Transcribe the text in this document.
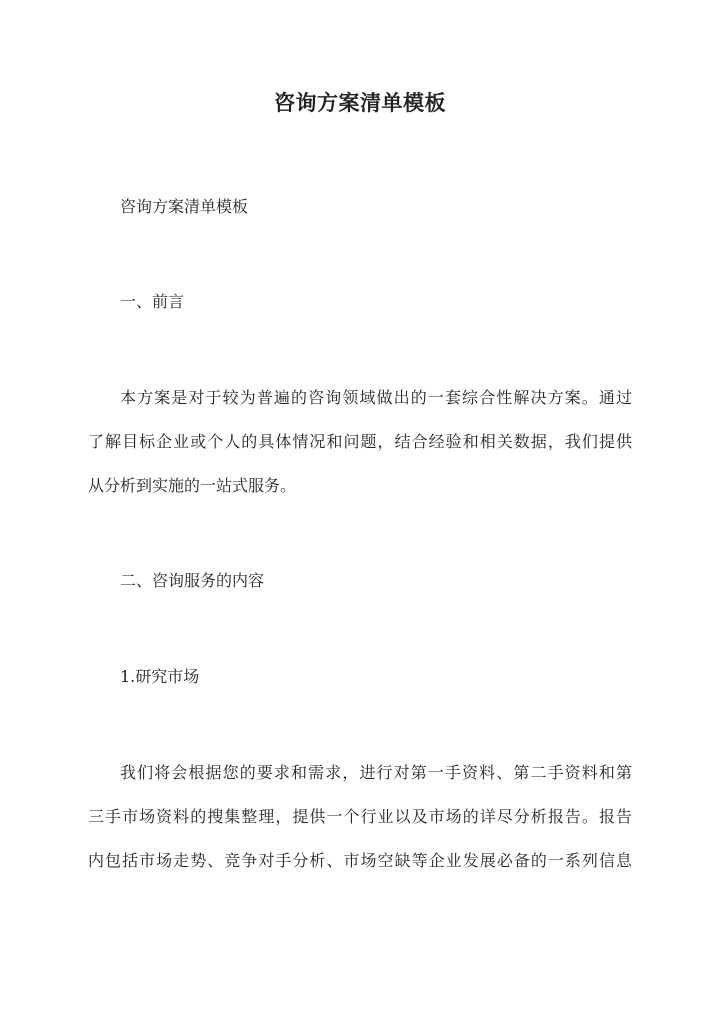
咨询方案清单模板
咨询方案清单模板
一、前言
本方案是对于较为普遍的咨询领域做出的一套综合性解决方案。通过
了解目标企业或个人的具体情况和问题，结合经验和相关数据，我们提供
从分析到实施的一站式服务。
二、咨询服务的内容
1.研究市场
我们将会根据您的要求和需求，进行对第一手资料、第二手资料和第
三手市场资料的搜集整理，提供一个行业以及市场的详尽分析报告。报告
内包括市场走势、竞争对手分析、市场空缺等企业发展必备的一系列信息
